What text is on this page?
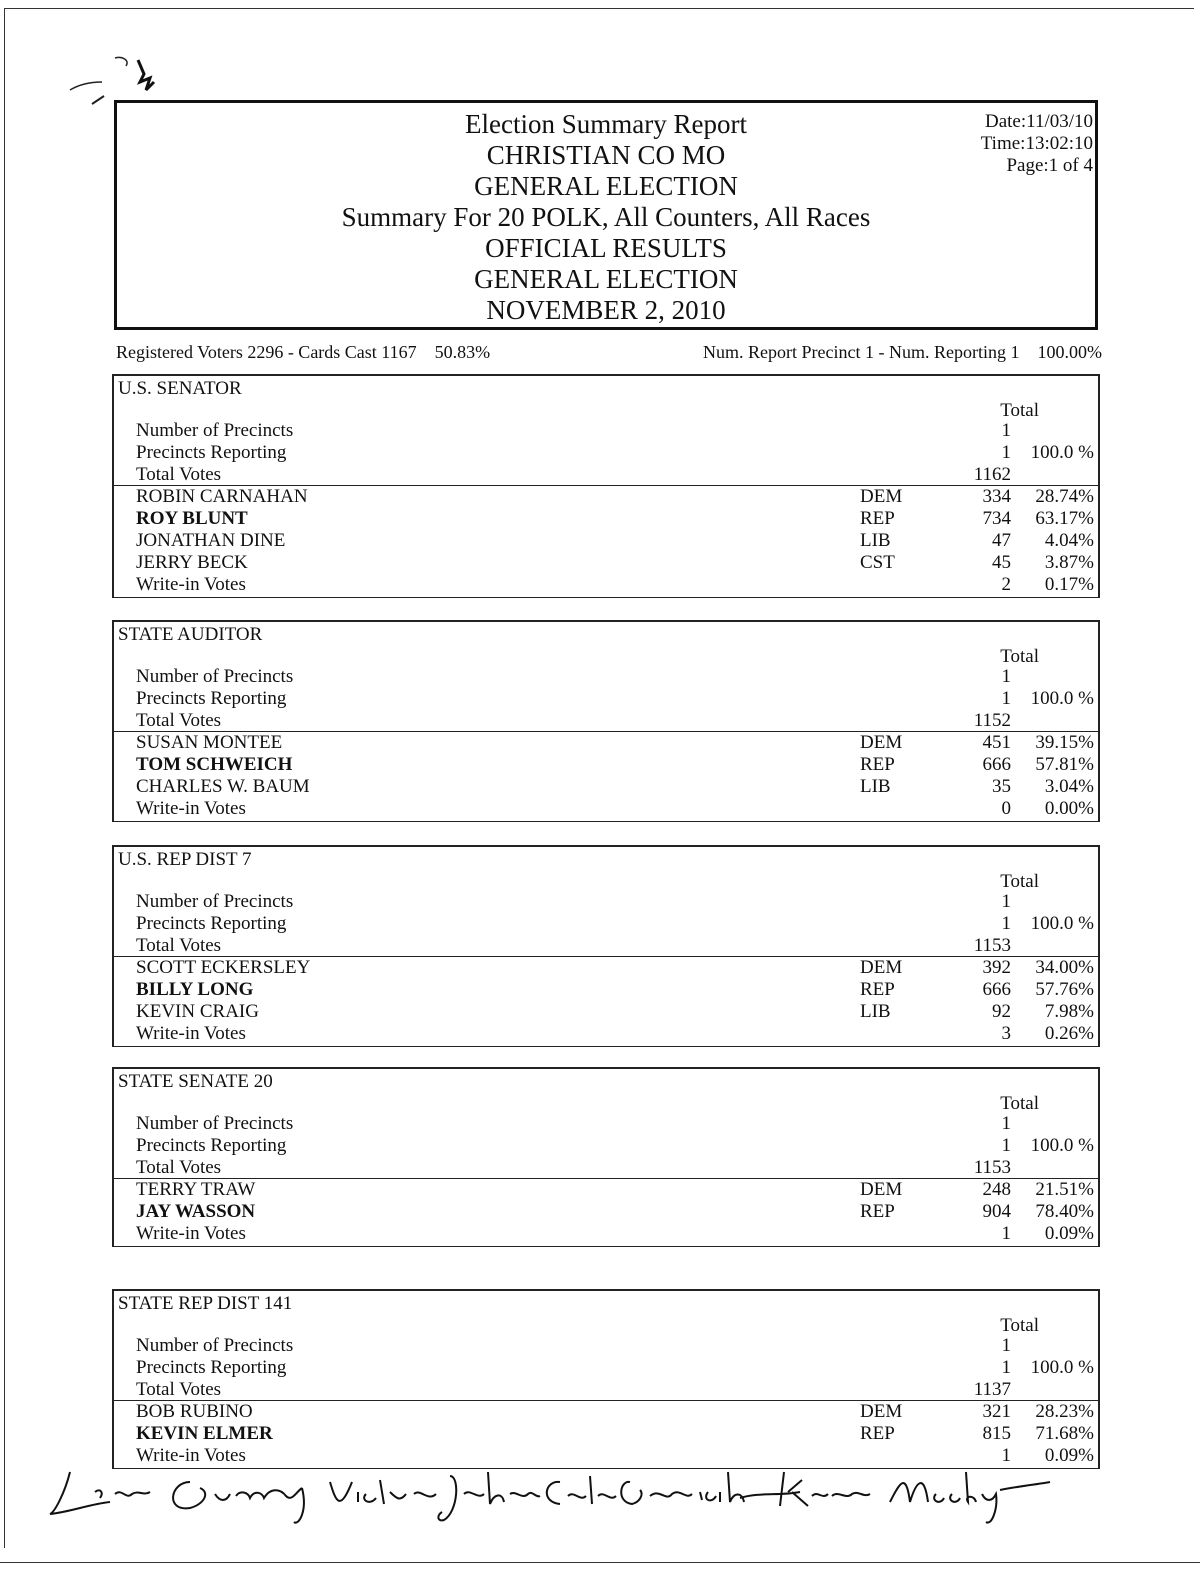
Election Summary Report
CHRISTIAN CO MO
GENERAL ELECTION
Summary For 20 POLK, All Counters, All Races
OFFICIAL RESULTS
GENERAL ELECTION
NOVEMBER 2, 2010
Date:11/03/10
Time:13:02:10
Page:1 of 4
Registered Voters 2296 - Cards Cast 1167    50.83%	Num. Report Precinct 1 - Num. Reporting 1    100.00%
U.S. SENATOR
Total
Number of Precincts	1
Precincts Reporting	1	100.0 %
Total Votes	1162
ROBIN CARNAHAN	DEM	334	28.74%
ROY BLUNT	REP	734	63.17%
JONATHAN DINE	LIB	47	4.04%
JERRY BECK	CST	45	3.87%
Write-in Votes	2	0.17%
STATE AUDITOR
Total
Number of Precincts	1
Precincts Reporting	1	100.0 %
Total Votes	1152
SUSAN MONTEE	DEM	451	39.15%
TOM SCHWEICH	REP	666	57.81%
CHARLES W. BAUM	LIB	35	3.04%
Write-in Votes	0	0.00%
U.S. REP DIST 7
Total
Number of Precincts	1
Precincts Reporting	1	100.0 %
Total Votes	1153
SCOTT ECKERSLEY	DEM	392	34.00%
BILLY LONG	REP	666	57.76%
KEVIN CRAIG	LIB	92	7.98%
Write-in Votes	3	0.26%
STATE SENATE 20
Total
Number of Precincts	1
Precincts Reporting	1	100.0 %
Total Votes	1153
TERRY TRAW	DEM	248	21.51%
JAY WASSON	REP	904	78.40%
Write-in Votes	1	0.09%
STATE REP DIST 141
Total
Number of Precincts	1
Precincts Reporting	1	100.0 %
Total Votes	1137
BOB RUBINO	DEM	321	28.23%
KEVIN ELMER	REP	815	71.68%
Write-in Votes	1	0.09%
